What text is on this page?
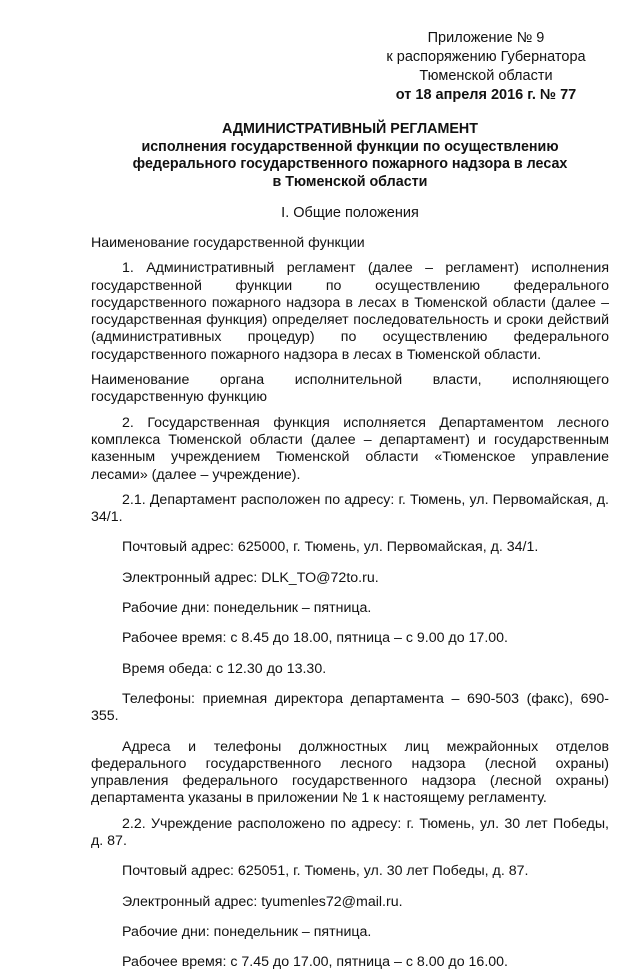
Приложение № 9
к распоряжению Губернатора
Тюменской области
от 18 апреля 2016 г. № 77
АДМИНИСТРАТИВНЫЙ РЕГЛАМЕНТ
исполнения государственной функции по осуществлению
федерального государственного пожарного надзора в лесах
в Тюменской области
I. Общие положения

Наименование государственной функции

1. Административный регламент (далее – регламент) исполнения государственной функции по осуществлению федерального государственного пожарного надзора в лесах в Тюменской области (далее – государственная функция) определяет последовательность и сроки действий (административных процедур) по осуществлению федерального государственного пожарного надзора в лесах в Тюменской области.

Наименование органа исполнительной власти, исполняющего государственную функцию

2. Государственная функция исполняется Департаментом лесного комплекса Тюменской области (далее – департамент) и государственным казенным учреждением Тюменской области «Тюменское управление лесами» (далее – учреждение).

2.1. Департамент расположен по адресу: г. Тюмень, ул. Первомайская, д. 34/1.

Почтовый адрес: 625000, г. Тюмень, ул. Первомайская, д. 34/1.

Электронный адрес: DLK_TO@72to.ru.

Рабочие дни: понедельник – пятница.

Рабочее время: с 8.45 до 18.00, пятница – с 9.00 до 17.00.

Время обеда: с 12.30 до 13.30.

Телефоны: приемная директора департамента – 690-503 (факс), 690-355.

Адреса и телефоны должностных лиц межрайонных отделов федерального государственного лесного надзора (лесной охраны) управления федерального государственного надзора (лесной охраны) департамента указаны в приложении № 1 к настоящему регламенту.

2.2. Учреждение расположено по адресу: г. Тюмень, ул. 30 лет Победы, д. 87.

Почтовый адрес: 625051, г. Тюмень, ул. 30 лет Победы, д. 87.

Электронный адрес: tyumenles72@mail.ru.

Рабочие дни: понедельник – пятница.

Рабочее время: с 7.45 до 17.00, пятница – с 8.00 до 16.00.
